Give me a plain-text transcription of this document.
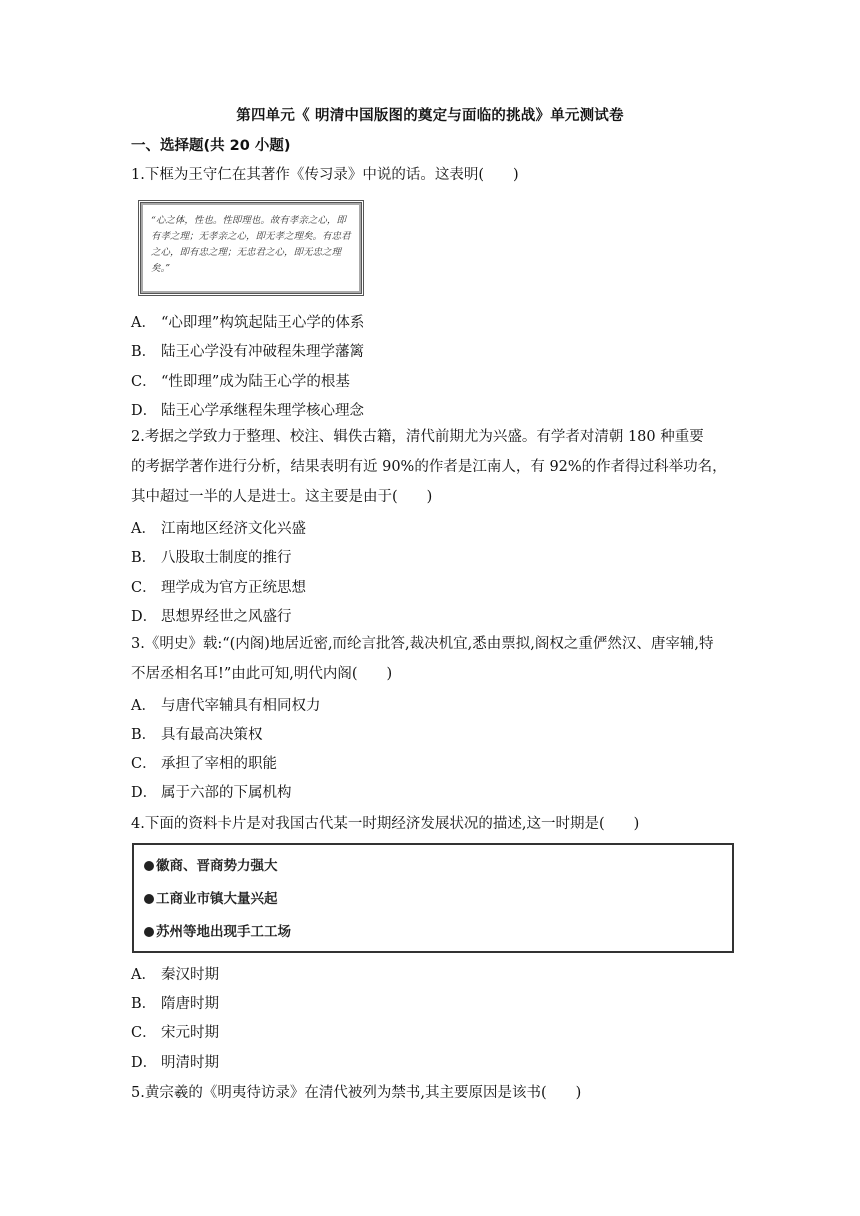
第四单元《 明清中国版图的奠定与面临的挑战》单元测试卷
一、选择题(共 20 小题)
1.下框为王守仁在其著作《传习录》中说的话。这表明(　　)
“心之体，性也。性即理也。故有孝亲之心，即有孝之理；无孝亲之心，即无孝之理矣。有忠君之心，即有忠之理；无忠君之心，即无忠之理矣。”
A． “心即理”构筑起陆王心学的体系
B． 陆王心学没有冲破程朱理学藩篱
C． “性即理”成为陆王心学的根基
D． 陆王心学承继程朱理学核心理念
2.考据之学致力于整理、校注、辑佚古籍，清代前期尤为兴盛。有学者对清朝 180 种重要
的考据学著作进行分析，结果表明有近 90%的作者是江南人，有 92%的作者得过科举功名，
其中超过一半的人是进士。这主要是由于(　　)
A． 江南地区经济文化兴盛
B． 八股取士制度的推行
C． 理学成为官方正统思想
D． 思想界经世之风盛行
3.《明史》载:“(内阁)地居近密,而纶言批答,裁决机宜,悉由票拟,阁权之重俨然汉、唐宰辅,特
不居丞相名耳!”由此可知,明代内阁(　　)
A． 与唐代宰辅具有相同权力
B． 具有最高决策权
C． 承担了宰相的职能
D． 属于六部的下属机构
4.下面的资料卡片是对我国古代某一时期经济发展状况的描述,这一时期是(　　)
徽商、晋商势力强大
工商业市镇大量兴起
苏州等地出现手工工场
A． 秦汉时期
B． 隋唐时期
C． 宋元时期
D． 明清时期
5.黄宗羲的《明夷待访录》在清代被列为禁书,其主要原因是该书(　　)
